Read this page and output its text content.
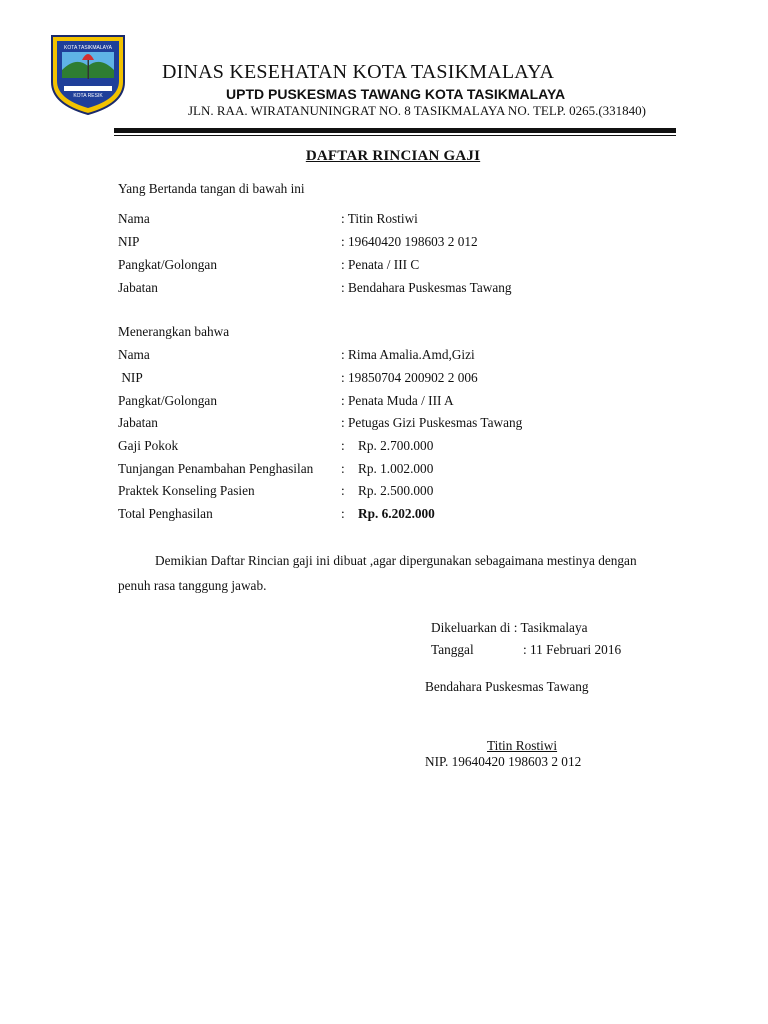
KOTA TASIKMALAYA
KOTA RESIK
DINAS KESEHATAN KOTA TASIKMALAYA
UPTD PUSKESMAS TAWANG KOTA TASIKMALAYA
JLN. RAA. WIRATANUNINGRAT NO. 8 TASIKMALAYA NO. TELP. 0265.(331840)
DAFTAR RINCIAN GAJI
Yang Bertanda tangan di bawah ini
Nama	: Titin Rostiwi
NIP	: 19640420 198603 2 012
Pangkat/Golongan	: Penata / III C
Jabatan	: Bendahara Puskesmas Tawang
Menerangkan bahwa
Nama	: Rima Amalia.Amd,Gizi
NIP	: 19850704 200902 2 006
Pangkat/Golongan	: Penata Muda / III A
Jabatan	: Petugas Gizi Puskesmas Tawang
Gaji Pokok	:    Rp. 2.700.000
Tunjangan Penambahan Penghasilan :    Rp. 1.002.000
Praktek Konseling Pasien	:    Rp. 2.500.000
Total Penghasilan	:    Rp. 6.202.000
Demikian Daftar Rincian gaji ini dibuat ,agar dipergunakan sebagaimana mestinya dengan penuh rasa tanggung jawab.
Dikeluarkan di : Tasikmalaya
Tanggal	: 11 Februari 2016
Bendahara Puskesmas Tawang
Titin Rostiwi
NIP. 19640420 198603 2 012
